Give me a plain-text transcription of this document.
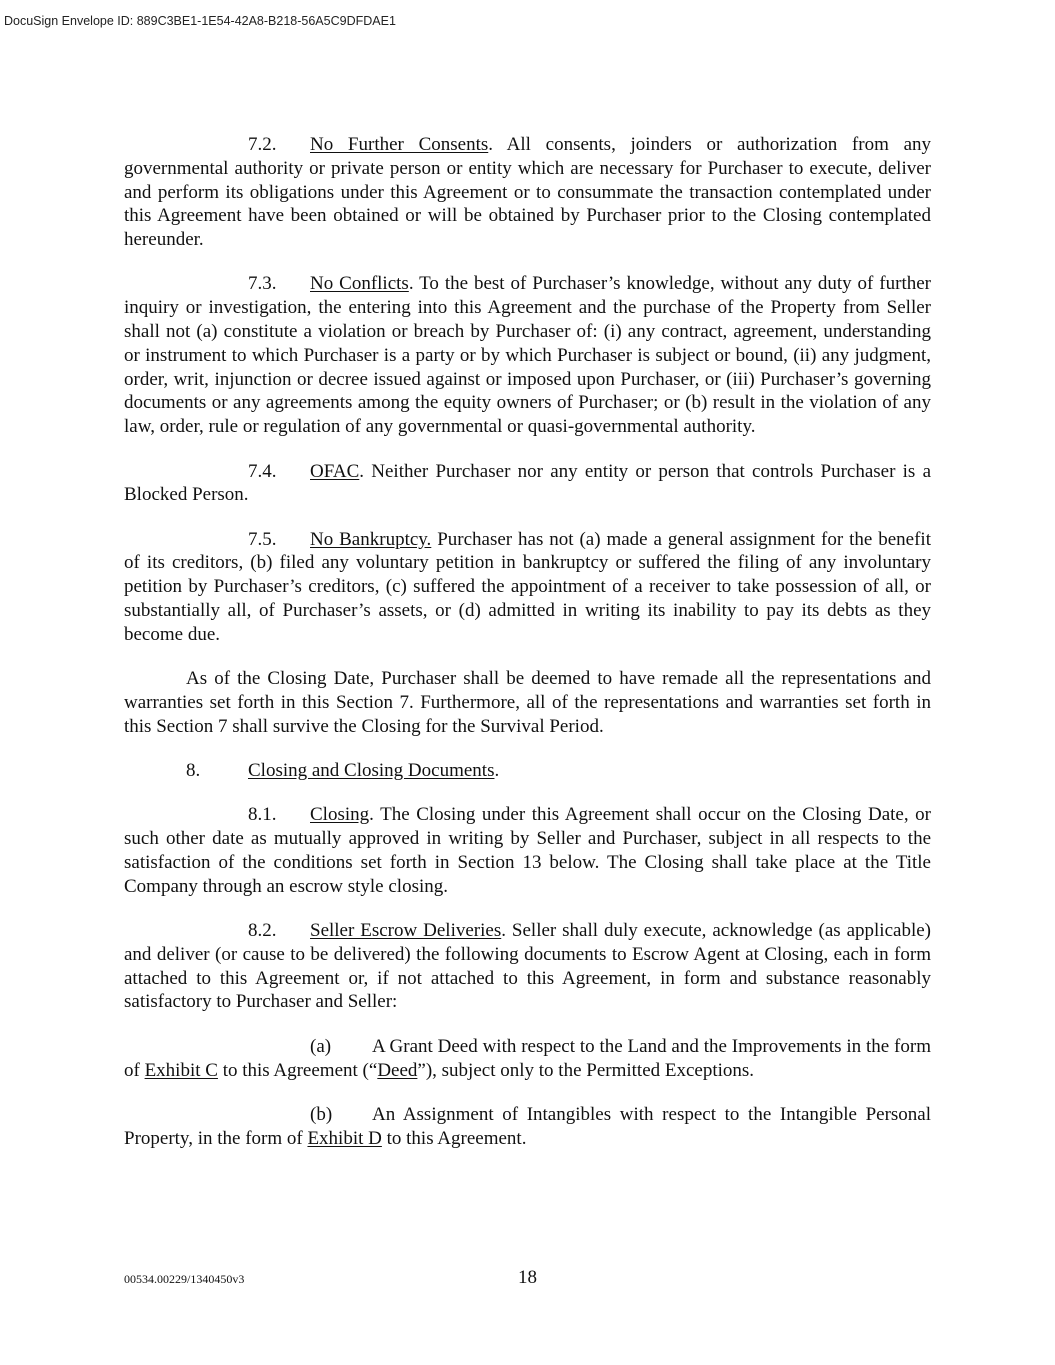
DocuSign Envelope ID: 889C3BE1-1E54-42A8-B218-56A5C9DFDAE1

7.2. No Further Consents. All consents, joinders or authorization from any governmental authority or private person or entity which are necessary for Purchaser to execute, deliver and perform its obligations under this Agreement or to consummate the transaction contemplated under this Agreement have been obtained or will be obtained by Purchaser prior to the Closing contemplated hereunder.

7.3. No Conflicts. To the best of Purchaser’s knowledge, without any duty of further inquiry or investigation, the entering into this Agreement and the purchase of the Property from Seller shall not (a) constitute a violation or breach by Purchaser of: (i) any contract, agreement, understanding or instrument to which Purchaser is a party or by which Purchaser is subject or bound, (ii) any judgment, order, writ, injunction or decree issued against or imposed upon Purchaser, or (iii) Purchaser’s governing documents or any agreements among the equity owners of Purchaser; or (b) result in the violation of any law, order, rule or regulation of any governmental or quasi-governmental authority.

7.4. OFAC. Neither Purchaser nor any entity or person that controls Purchaser is a Blocked Person.

7.5. No Bankruptcy. Purchaser has not (a) made a general assignment for the benefit of its creditors, (b) filed any voluntary petition in bankruptcy or suffered the filing of any involuntary petition by Purchaser’s creditors, (c) suffered the appointment of a receiver to take possession of all, or substantially all, of Purchaser’s assets, or (d) admitted in writing its inability to pay its debts as they become due.

As of the Closing Date, Purchaser shall be deemed to have remade all the representations and warranties set forth in this Section 7. Furthermore, all of the representations and warranties set forth in this Section 7 shall survive the Closing for the Survival Period.

8.	Closing and Closing Documents.

8.1. Closing. The Closing under this Agreement shall occur on the Closing Date, or such other date as mutually approved in writing by Seller and Purchaser, subject in all respects to the satisfaction of the conditions set forth in Section 13 below. The Closing shall take place at the Title Company through an escrow style closing.

8.2. Seller Escrow Deliveries. Seller shall duly execute, acknowledge (as applicable) and deliver (or cause to be delivered) the following documents to Escrow Agent at Closing, each in form attached to this Agreement or, if not attached to this Agreement, in form and substance reasonably satisfactory to Purchaser and Seller:

(a) A Grant Deed with respect to the Land and the Improvements in the form of Exhibit C to this Agreement (“Deed”), subject only to the Permitted Exceptions.

(b) An Assignment of Intangibles with respect to the Intangible Personal Property, in the form of Exhibit D to this Agreement.

00534.00229/1340450v3	18
